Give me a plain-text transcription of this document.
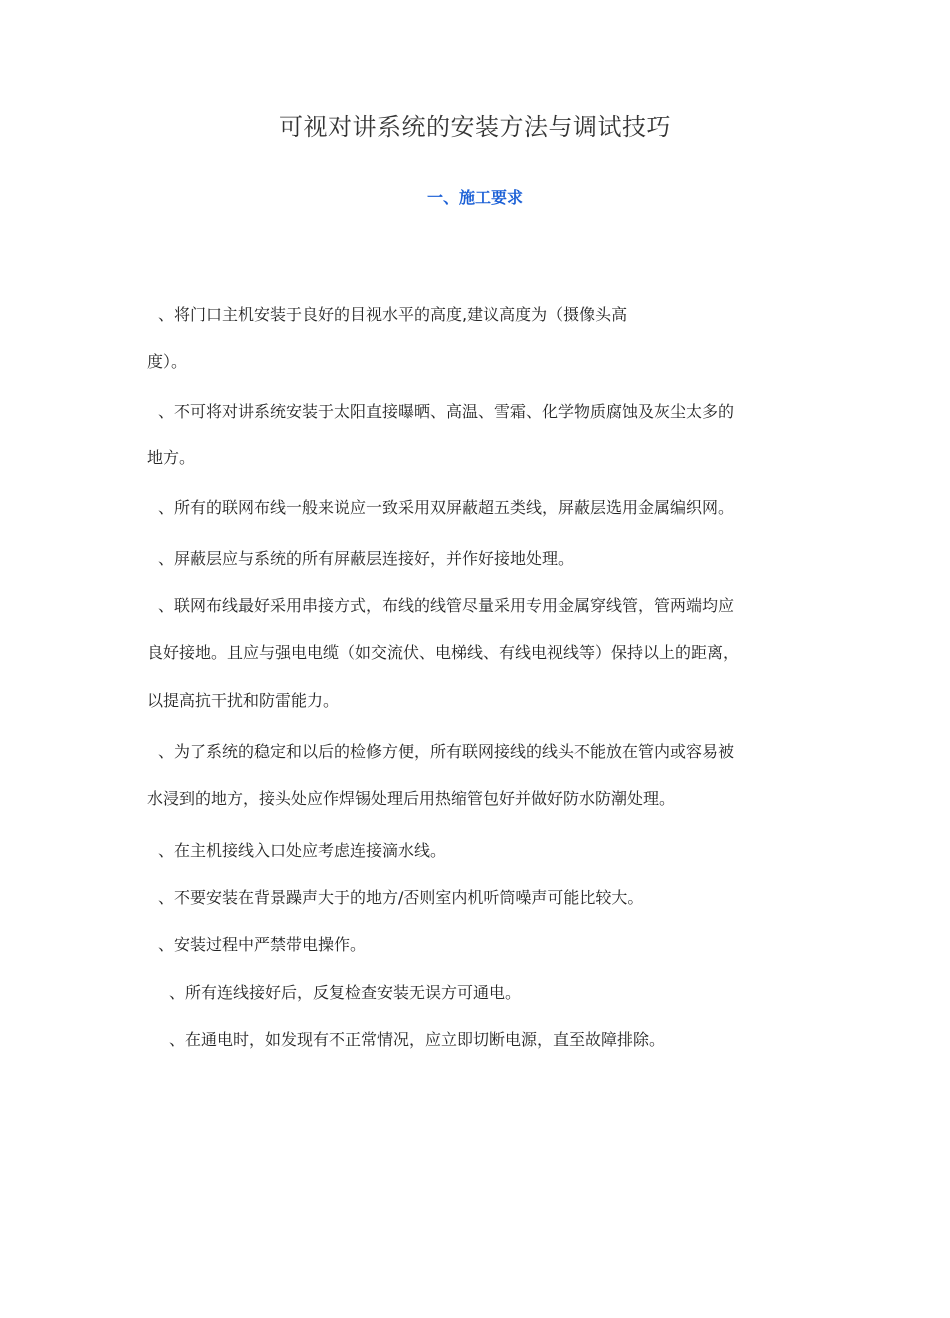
可视对讲系统的安装方法与调试技巧
一、施工要求
、将门口主机安装于良好的目视水平的高度,建议高度为（摄像头高
度）。
、不可将对讲系统安装于太阳直接曝晒、高温、雪霜、化学物质腐蚀及灰尘太多的
地方。
、所有的联网布线一般来说应一致采用双屏蔽超五类线，屏蔽层选用金属编织网。
、屏蔽层应与系统的所有屏蔽层连接好，并作好接地处理。
、联网布线最好采用串接方式，布线的线管尽量采用专用金属穿线管，管两端均应
良好接地。且应与强电电缆（如交流伏、电梯线、有线电视线等）保持以上的距离，
以提高抗干扰和防雷能力。
、为了系统的稳定和以后的检修方便，所有联网接线的线头不能放在管内或容易被
水浸到的地方，接头处应作焊锡处理后用热缩管包好并做好防水防潮处理。
、在主机接线入口处应考虑连接滴水线。
、不要安装在背景躁声大于的地方/否则室内机听筒噪声可能比较大。
、安装过程中严禁带电操作。
、所有连线接好后，反复检查安装无误方可通电。
、在通电时，如发现有不正常情况，应立即切断电源，直至故障排除。
